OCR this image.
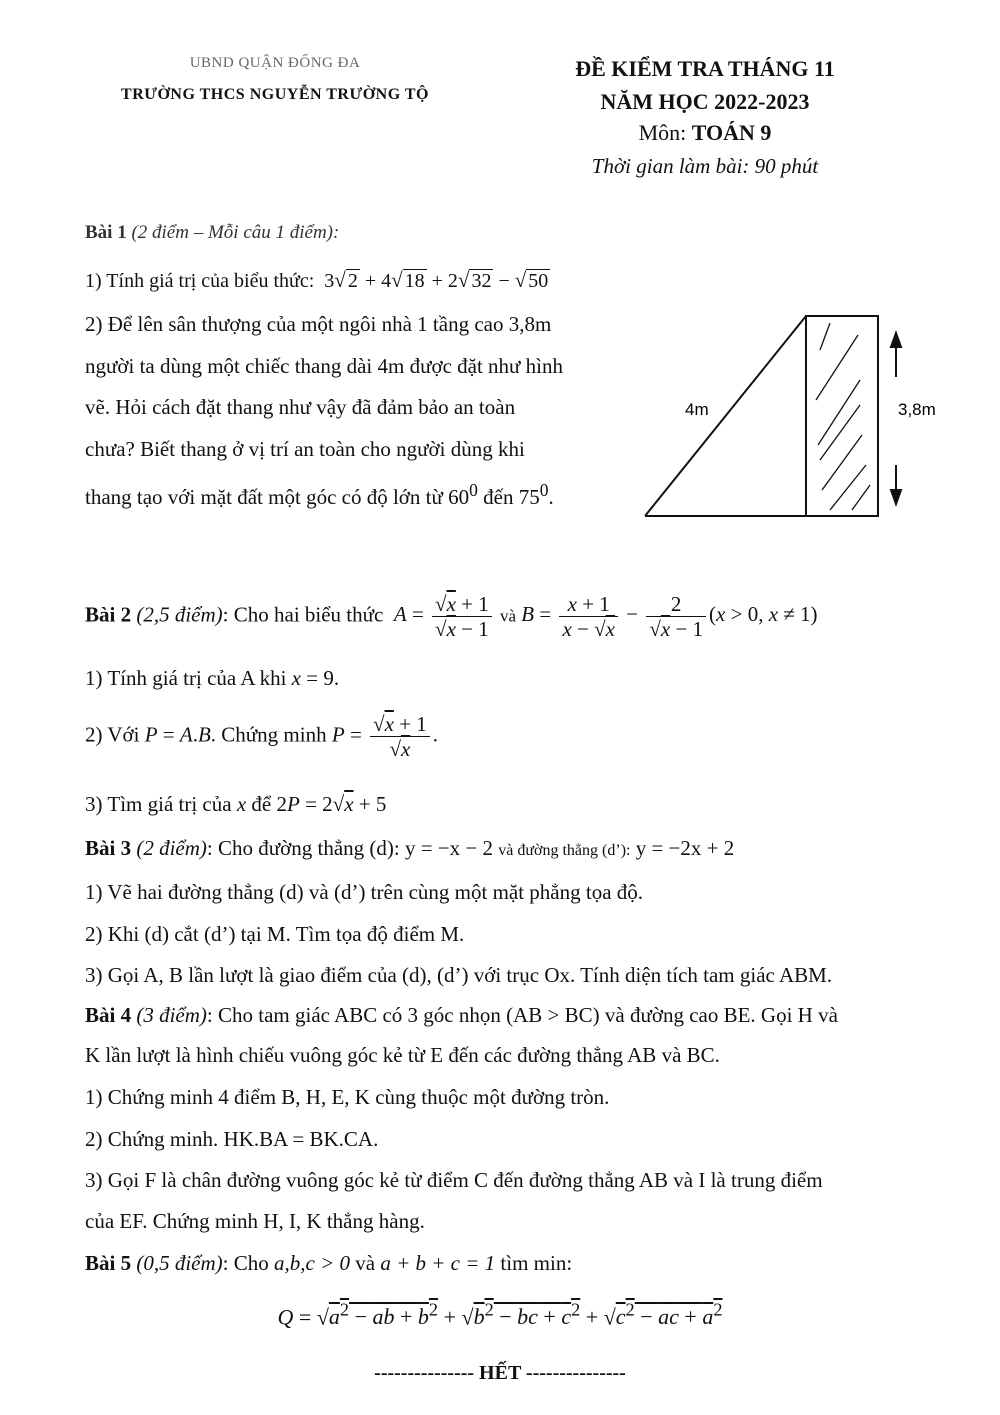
UBND QUẬN ĐỐNG ĐA
TRƯỜNG THCS NGUYỄN TRƯỜNG TỘ
ĐỀ KIỂM TRA THÁNG 11
NĂM HỌC 2022-2023
Môn: TOÁN 9
Thời gian làm bài: 90 phút
Bài 1 (2 điểm – Mỗi câu 1 điểm):
1) Tính giá trị của biểu thức:  3√ 2 + 4√ 18 + 2√ 32 − √ 50
2) Để lên sân thượng của một ngôi nhà 1 tầng cao 3,8m người ta dùng một chiếc thang dài 4m được đặt như hình vẽ. Hỏi cách đặt thang như vậy đã đảm bảo an toàn chưa? Biết thang ở vị trí an toàn cho người dùng khi thang tạo với mặt đất một góc có độ lớn từ $60^0$ đến $75^0$.
4m	3,8m
Bài 2 (2,5 điểm): Cho hai biểu thức $A = \frac{√x + 1}{√x - 1}$ và $B = \frac{x + 1}{x - √x} - \frac{2}{√x - 1} (x > 0$, x ≠ 1)
1) Tính giá trị của A khi x = 9.
2) Với P = A.B. Chứng minh $P = \frac{√x + 1}{√x}$ .
3) Tìm giá trị của x để 2P = 2√x + 5
Bài 3 (2 điểm): Cho đường thẳng (d): y = −x − 2 và đường thẳng (d’): y = −2x + 2
1) Vẽ hai đường thẳng (d) và (d’) trên cùng một mặt phẳng tọa độ.
2) Khi (d) cắt (d’) tại M. Tìm tọa độ điểm M.
3) Gọi A, B lần lượt là giao điểm của (d), (d’) với trục Ox. Tính diện tích tam giác ABM.
Bài 4 (3 điểm): Cho tam giác ABC có 3 góc nhọn (AB > BC) và đường cao BE. Gọi H và
K lần lượt là hình chiếu vuông góc kẻ từ E đến các đường thẳng AB và BC.
1) Chứng minh 4 điểm B, H, E, K cùng thuộc một đường tròn.
2) Chứng minh. HK.BA = BK.CA.
3) Gọi F là chân đường vuông góc kẻ từ điểm C đến đường thẳng AB và I là trung điểm
của EF. Chứng minh H, I, K thẳng hàng.
Bài 5 (0,5 điểm): Cho a,b,c > 0 và a + b + c = 1 tìm min:
$Q = √a^2$ − ab + $b^2 + √b^2$ − bc + $c^2 + √c^2$ − ac + $a^2$
--------------- HẾT ---------------
